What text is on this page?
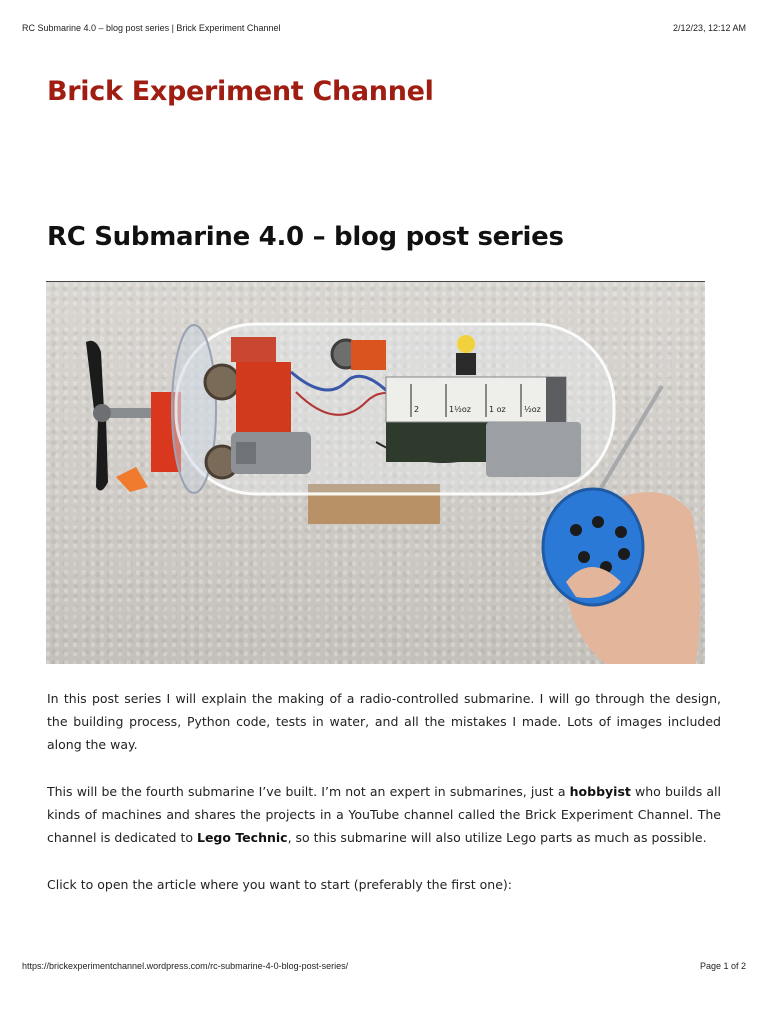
RC Submarine 4.0 – blog post series | Brick Experiment Channel	2/12/23, 12:12 AM
Brick Experiment Channel
RC Submarine 4.0 – blog post series
2	1½oz 1 oz ½oz

In this post series I will explain the making of a radio-controlled submarine. I will go through the design, the building process, Python code, tests in water, and all the mistakes I made. Lots of images included along the way.

This will be the fourth submarine I’ve built. I’m not an expert in submarines, just a hobbyist who builds all kinds of machines and shares the projects in a YouTube channel called the Brick Experiment Channel. The channel is dedicated to Lego Technic, so this submarine will also utilize Lego parts as much as possible.

Click to open the article where you want to start (preferably the first one):

https://brickexperimentchannel.wordpress.com/rc-submarine-4-0-blog-post-series/	Page 1 of 2
